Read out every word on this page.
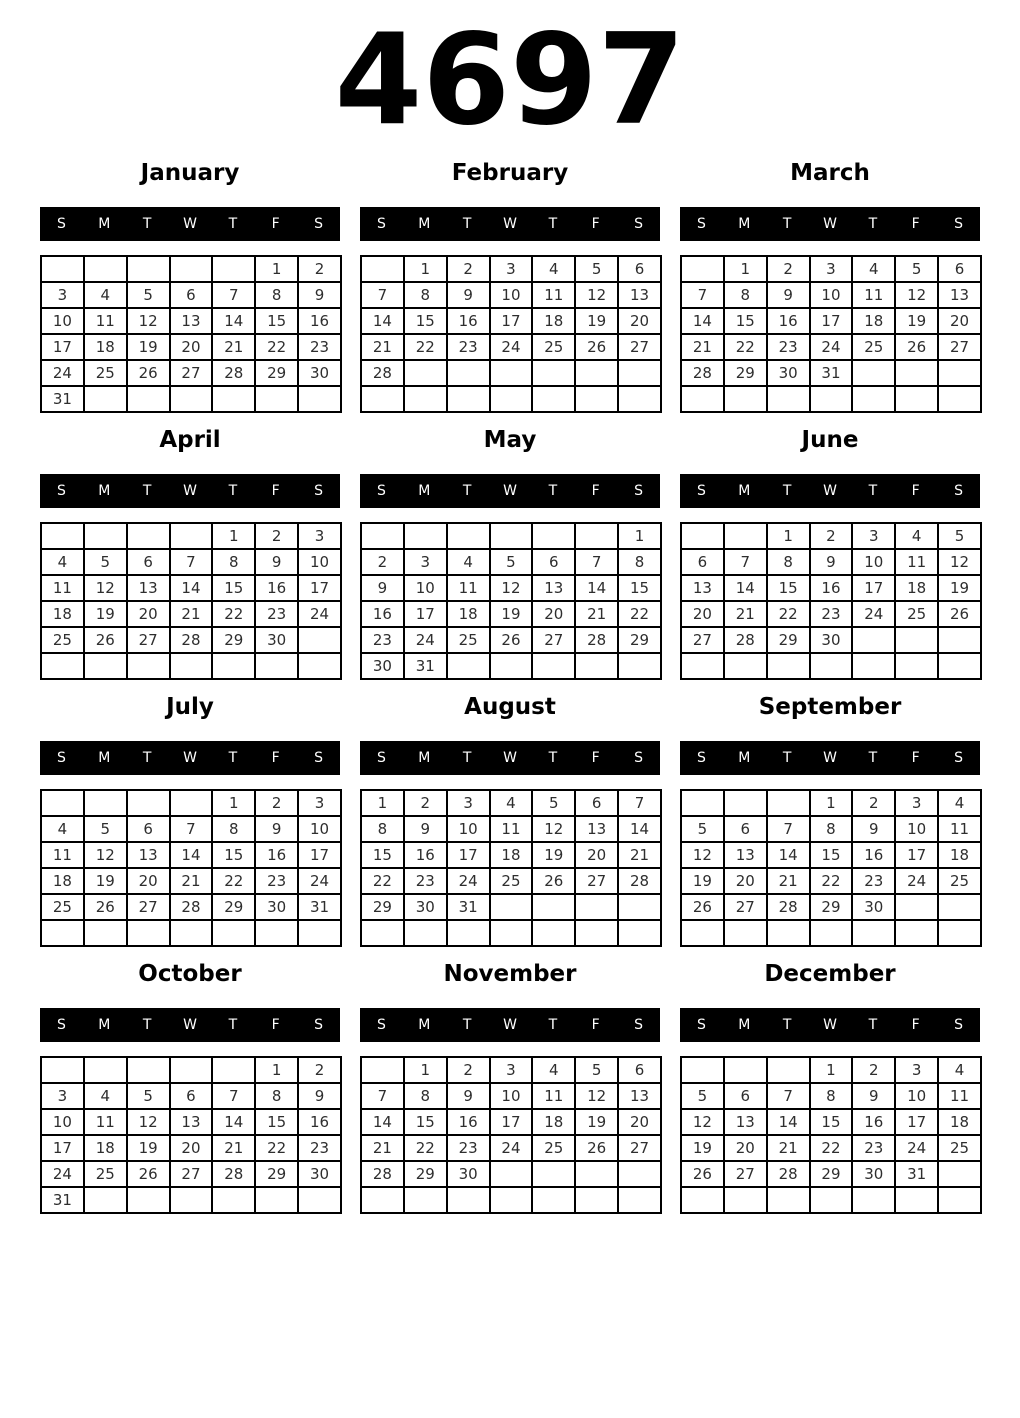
4697
January
S	M	T	W	T	F	S
					1	2
3	4	5	6	7	8	9
10	11	12	13	14	15	16
17	18	19	20	21	22	23
24	25	26	27	28	29	30
31						
February
S	M	T	W	T	F	S
	1	2	3	4	5	6
7	8	9	10	11	12	13
14	15	16	17	18	19	20
21	22	23	24	25	26	27
28						

March
S	M	T	W	T	F	S
	1	2	3	4	5	6
7	8	9	10	11	12	13
14	15	16	17	18	19	20
21	22	23	24	25	26	27
28	29	30	31			

April
S	M	T	W	T	F	S
				1	2	3
4	5	6	7	8	9	10
11	12	13	14	15	16	17
18	19	20	21	22	23	24
25	26	27	28	29	30	

May
S	M	T	W	T	F	S
						1
2	3	4	5	6	7	8
9	10	11	12	13	14	15
16	17	18	19	20	21	22
23	24	25	26	27	28	29
30	31					
June
S	M	T	W	T	F	S
		1	2	3	4	5
6	7	8	9	10	11	12
13	14	15	16	17	18	19
20	21	22	23	24	25	26
27	28	29	30			

July
S	M	T	W	T	F	S
				1	2	3
4	5	6	7	8	9	10
11	12	13	14	15	16	17
18	19	20	21	22	23	24
25	26	27	28	29	30	31

August
S	M	T	W	T	F	S
1	2	3	4	5	6	7
8	9	10	11	12	13	14
15	16	17	18	19	20	21
22	23	24	25	26	27	28
29	30	31				

September
S	M	T	W	T	F	S
			1	2	3	4
5	6	7	8	9	10	11
12	13	14	15	16	17	18
19	20	21	22	23	24	25
26	27	28	29	30		

October
S	M	T	W	T	F	S
					1	2
3	4	5	6	7	8	9
10	11	12	13	14	15	16
17	18	19	20	21	22	23
24	25	26	27	28	29	30
31						
November
S	M	T	W	T	F	S
	1	2	3	4	5	6
7	8	9	10	11	12	13
14	15	16	17	18	19	20
21	22	23	24	25	26	27
28	29	30				

December
S	M	T	W	T	F	S
			1	2	3	4
5	6	7	8	9	10	11
12	13	14	15	16	17	18
19	20	21	22	23	24	25
26	27	28	29	30	31	
